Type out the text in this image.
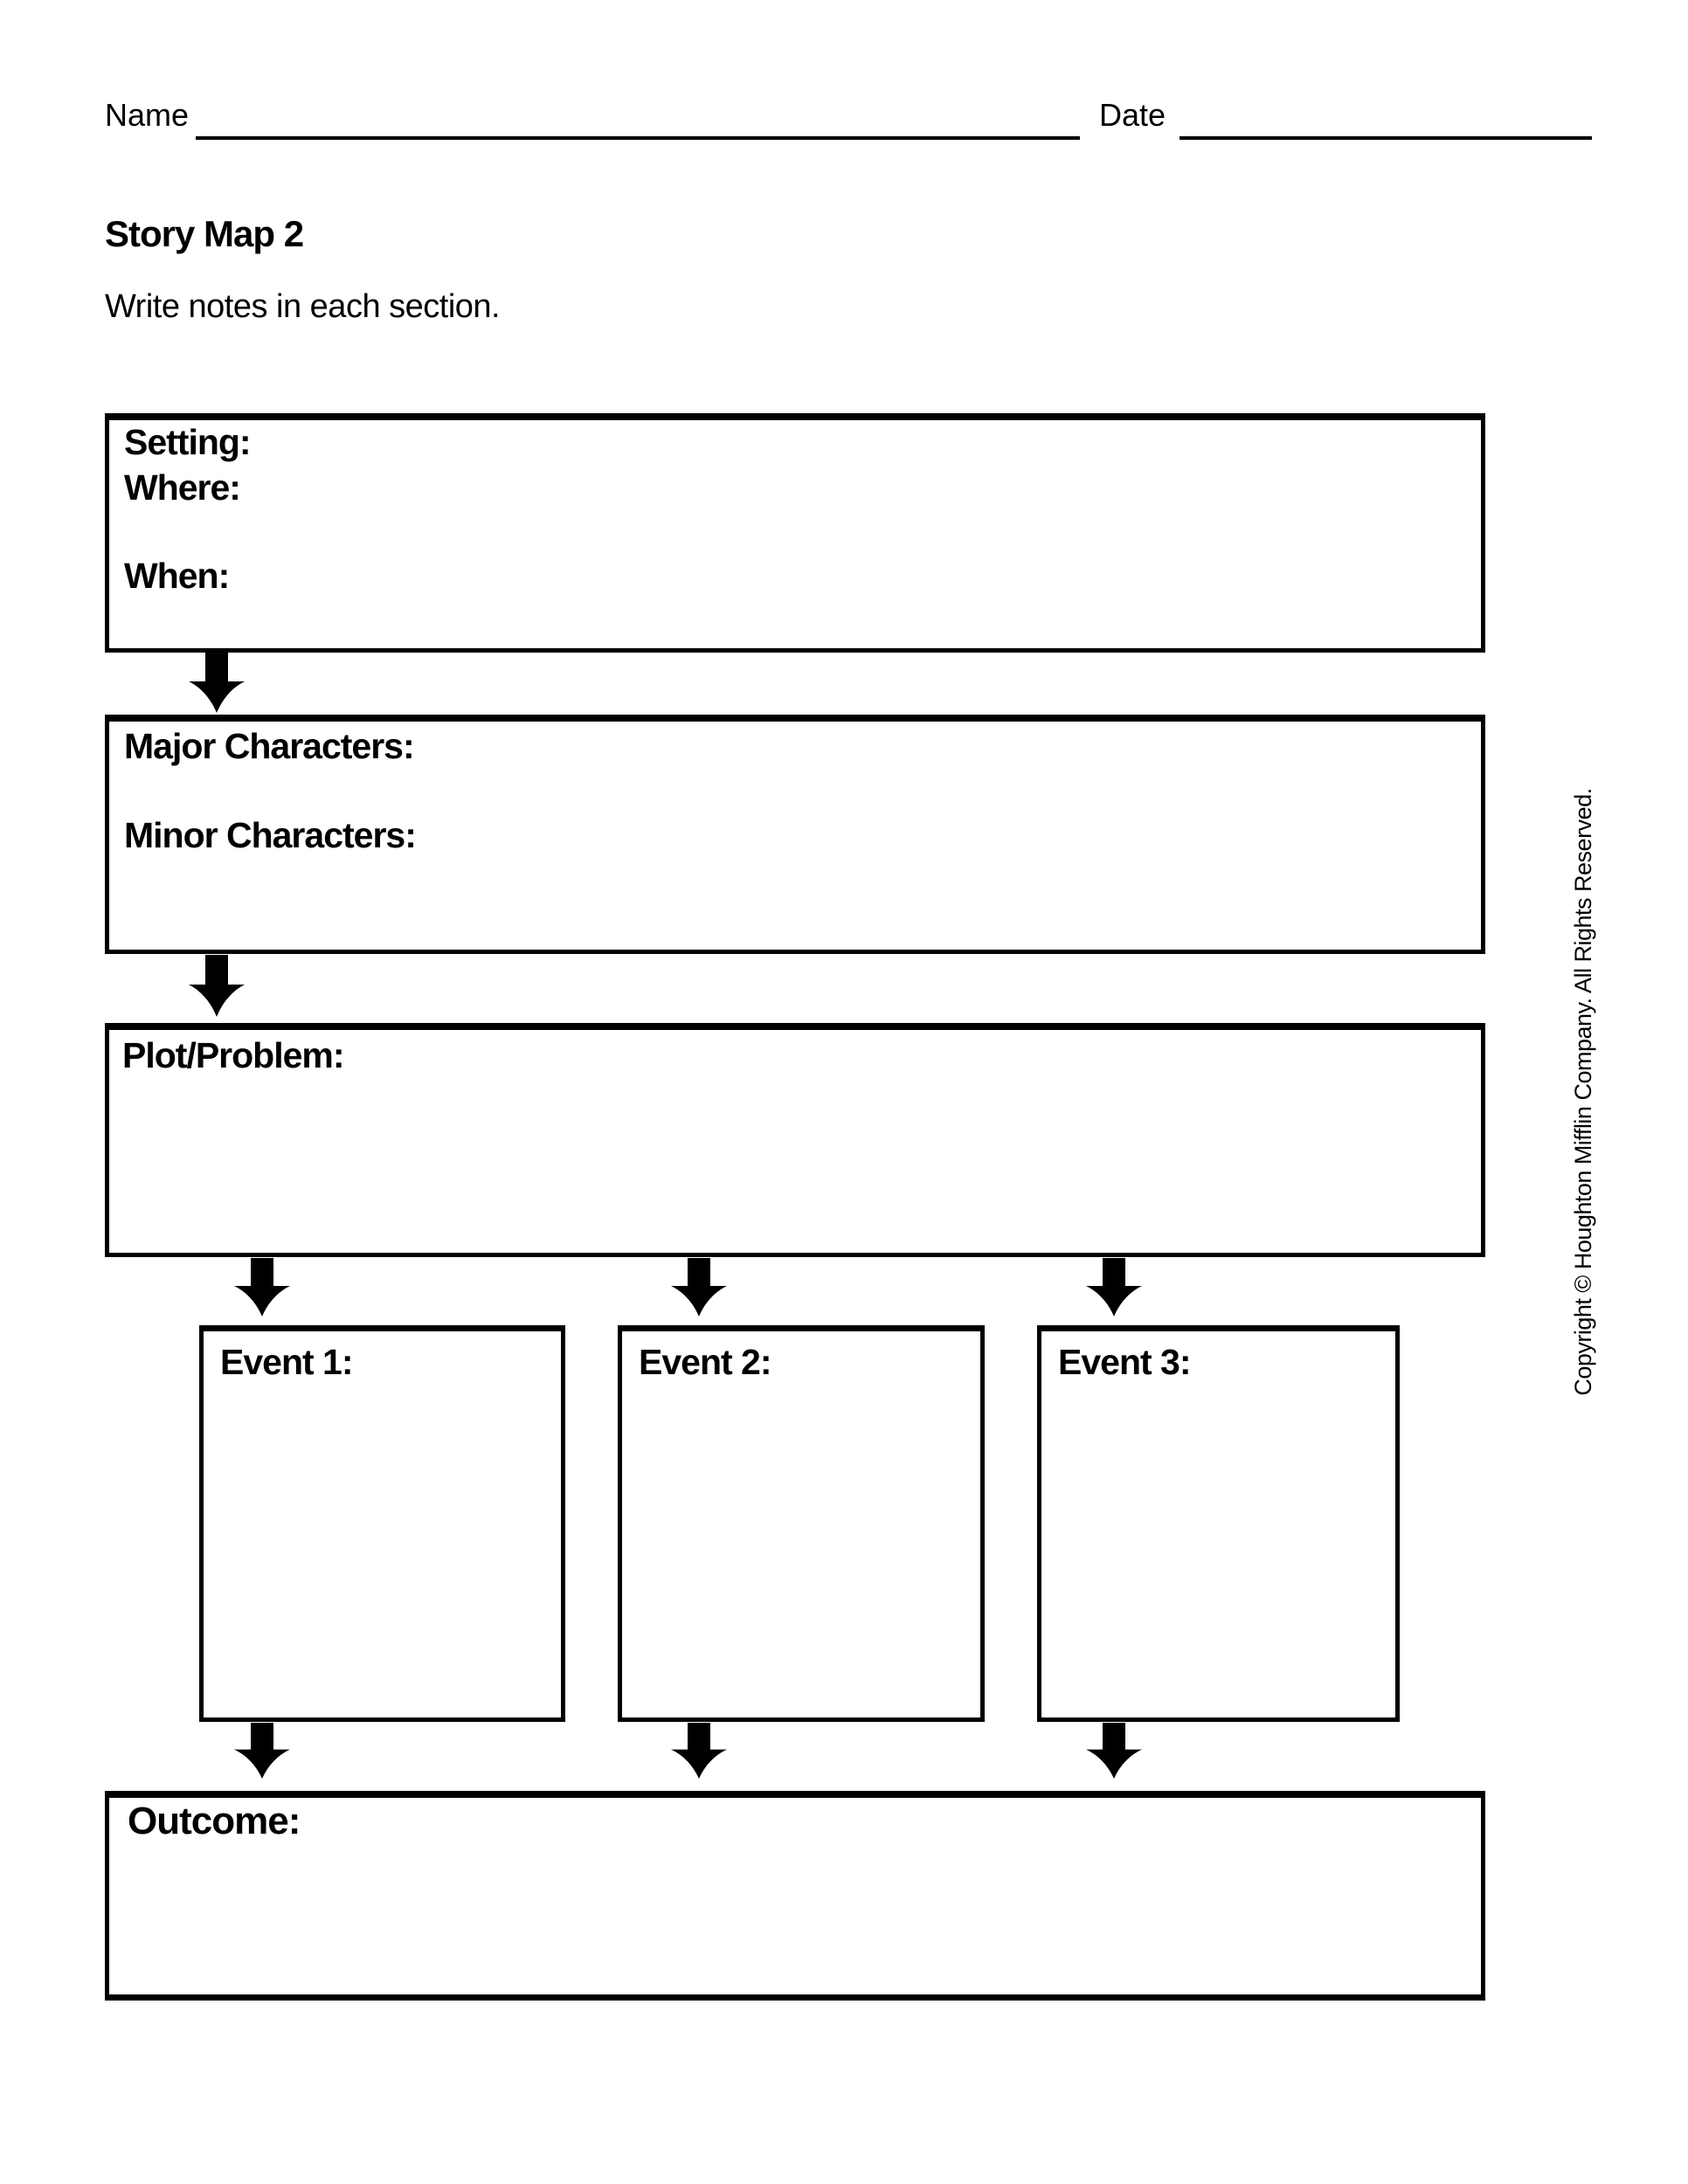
Name	Date
Story Map 2
Write notes in each section.
Setting:
Where:
When:
Major Characters:
Minor Characters:
Plot/Problem:
Event 1:	Event 2:	Event 3:
Outcome:
Copyright © Houghton Mifflin Company. All Rights Reserved.
